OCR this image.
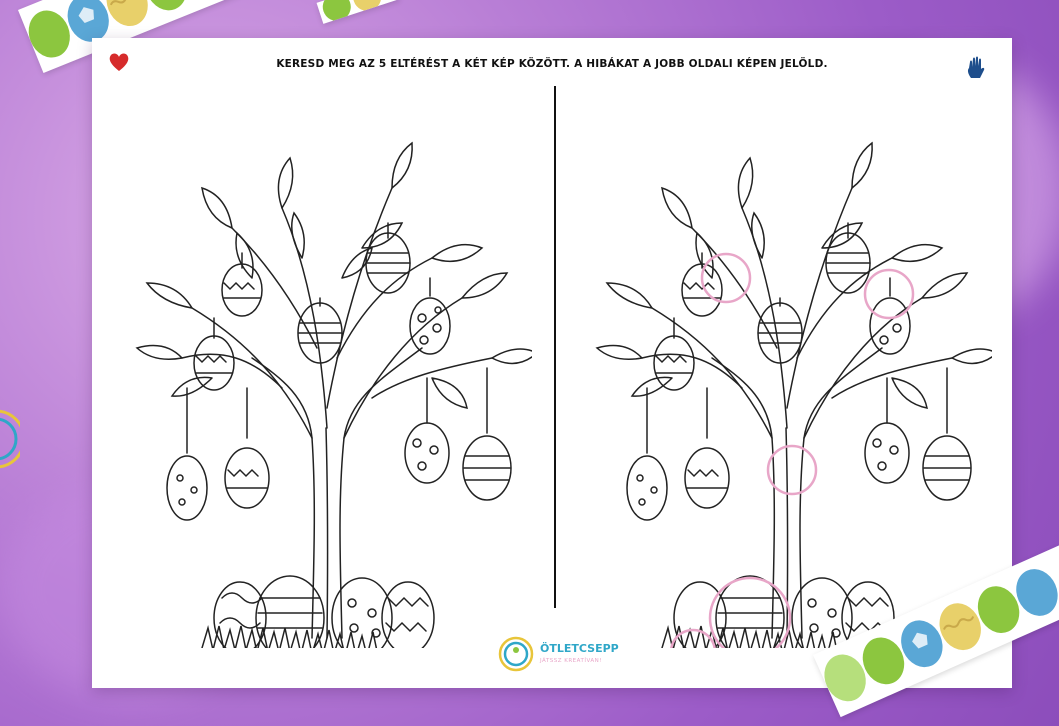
KERESD MEG AZ 5 ELTÉRÉST A KÉT KÉP KÖZÖTT. A HIBÁKAT A JOBB OLDALI KÉPEN JELÖLD.
ÖTLETCSEPP
JÁTSSZ KREATÍVAN!
